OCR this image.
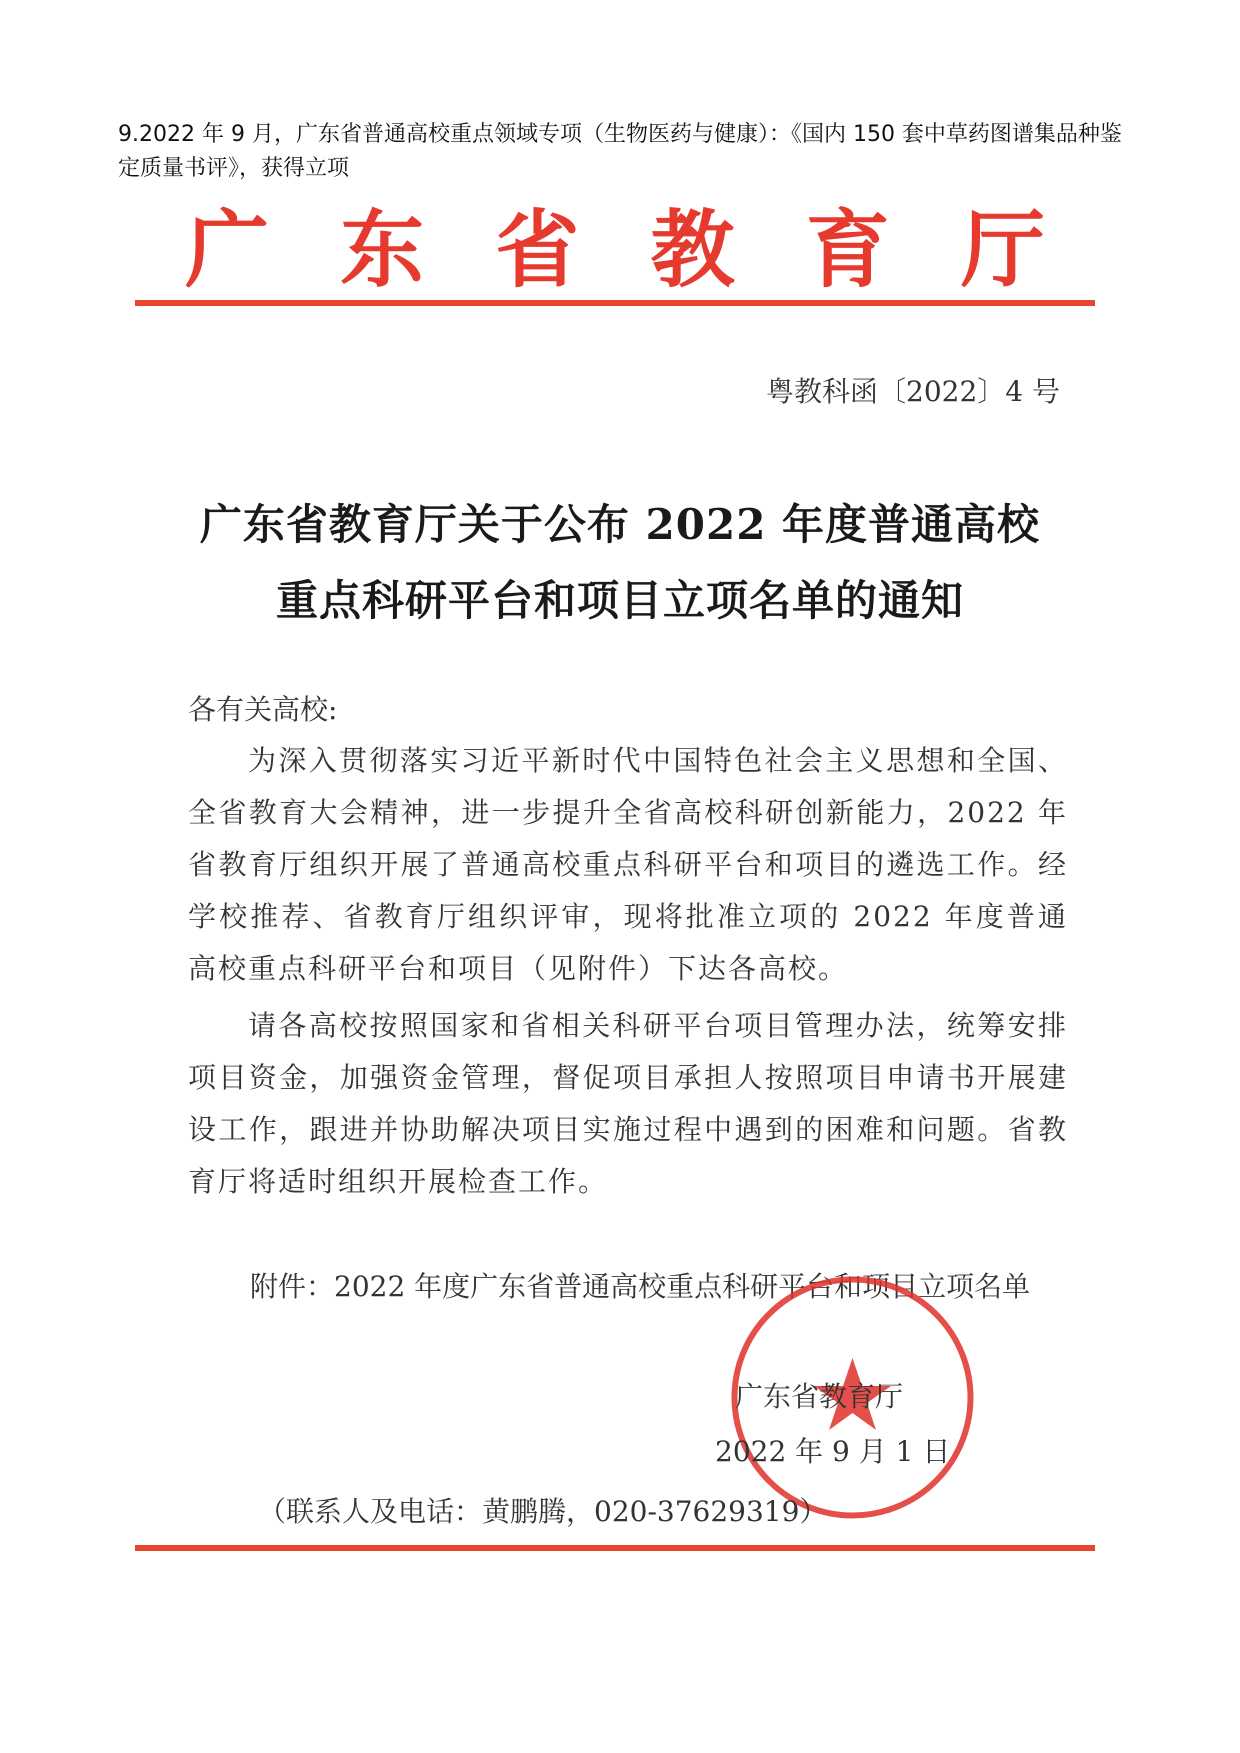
9.2022 年 9 月，广东省普通高校重点领域专项（生物医药与健康）：《国内 150 套中草药图谱集品种鉴定质量书评》，获得立项
广 东 省 教 育 厅
粤教科函〔2022〕4 号
广东省教育厅关于公布 2022 年度普通高校
重点科研平台和项目立项名单的通知
各有关高校:

为深入贯彻落实习近平新时代中国特色社会主义思想和全国、全省教育大会精神，进一步提升全省高校科研创新能力，2022 年省教育厅组织开展了普通高校重点科研平台和项目的遴选工作。经学校推荐、省教育厅组织评审，现将批准立项的 2022 年度普通高校重点科研平台和项目（见附件）下达各高校。

请各高校按照国家和省相关科研平台项目管理办法，统筹安排项目资金，加强资金管理，督促项目承担人按照项目申请书开展建设工作，跟进并协助解决项目实施过程中遇到的困难和问题。省教育厅将适时组织开展检查工作。

附件：2022 年度广东省普通高校重点科研平台和项目立项名单
广东省教育厅
2022 年 9 月 1 日
（联系人及电话：黄鹏腾，020-37629319）
